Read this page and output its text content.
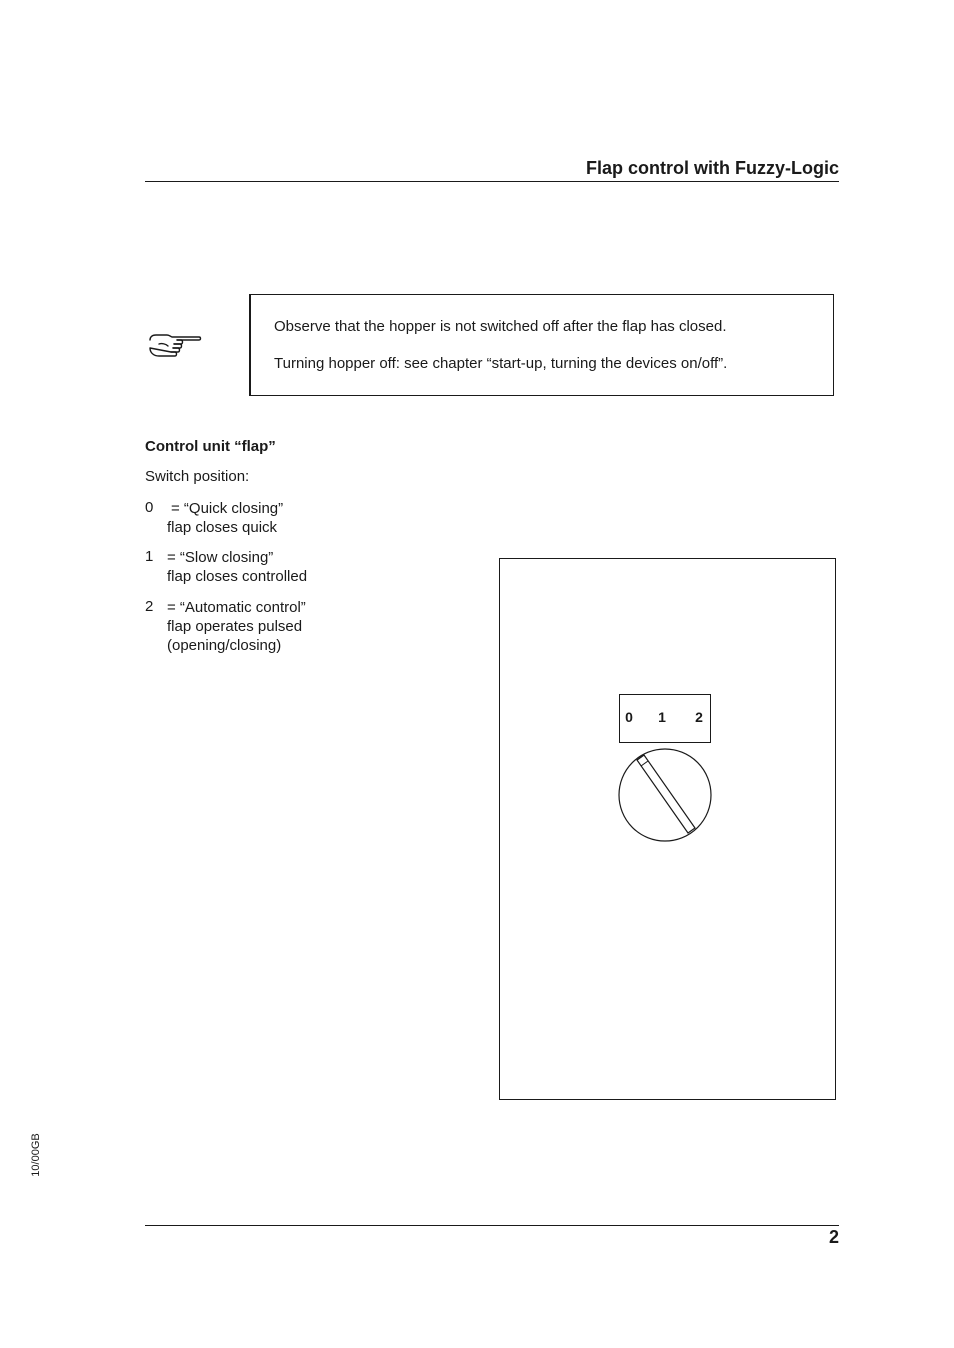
Flap control with Fuzzy-Logic
Observe that the hopper is not switched off after the flap has closed.
Turning hopper off: see chapter “start-up, turning the devices on/off”.
Control unit “flap”
Switch position:
0 = “Quick closing”
flap closes quick
1 = “Slow closing”
flap closes controlled
2 = “Automatic control”
flap operates pulsed
(opening/closing)
0 1 2
10/00GB
2
